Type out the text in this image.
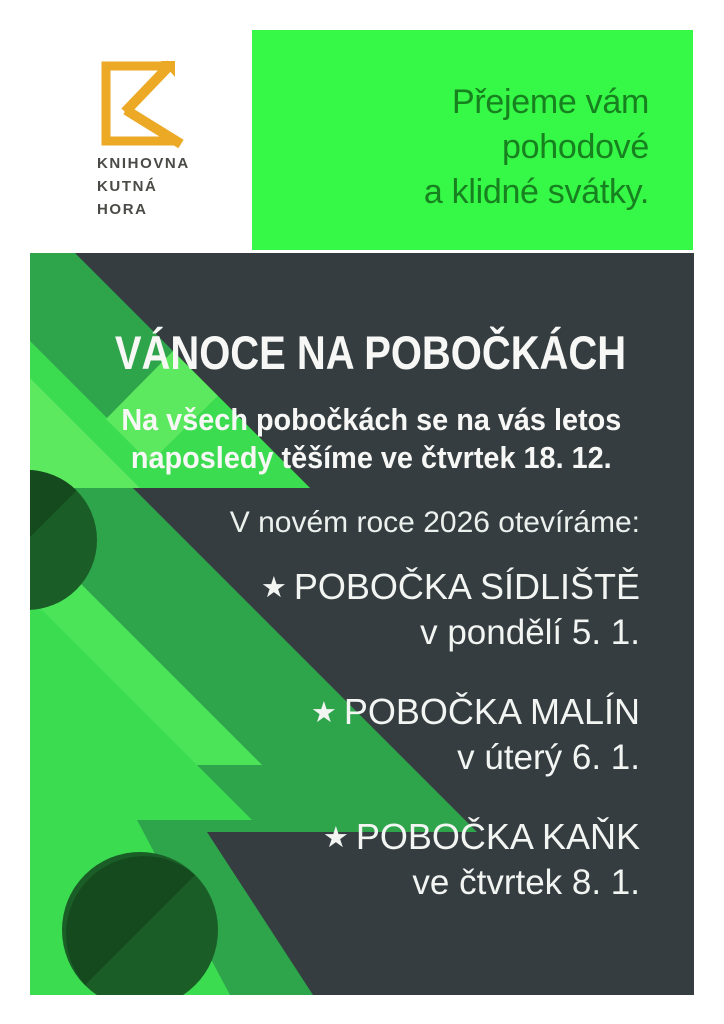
KNIHOVNA
KUTNÁ
HORA
Přejeme vám
pohodové
a klidné svátky.
VÁNOCE NA POBOČKÁCH
Na všech pobočkách se na vás letos
naposledy těšíme ve čtvrtek 18. 12.
V novém roce 2026 otevíráme:
★ POBOČKA SÍDLIŠTĚ
v pondělí 5. 1.
★ POBOČKA MALÍN
v úterý 6. 1.
★ POBOČKA KAŇK
ve čtvrtek 8. 1.
